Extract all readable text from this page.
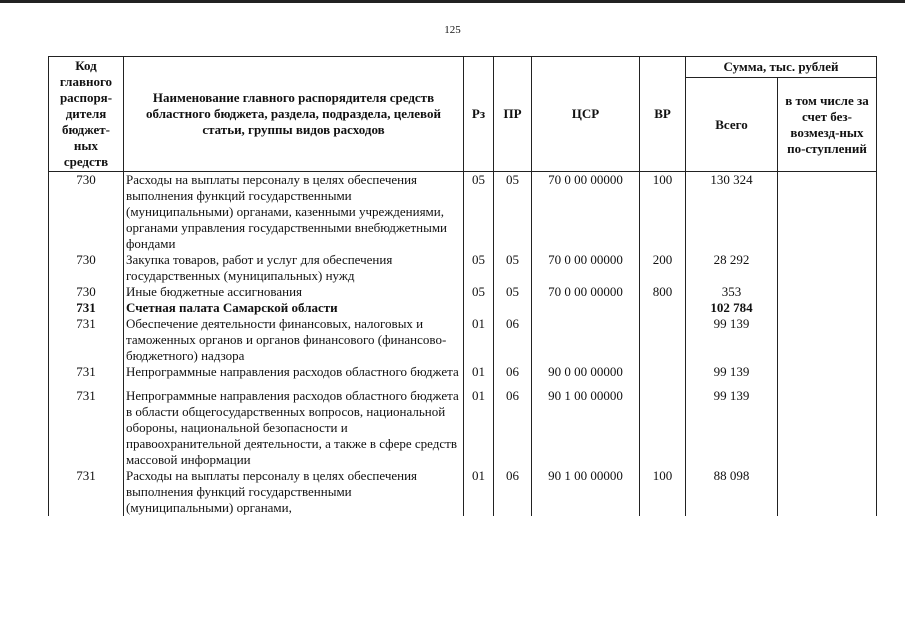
125
Код главного распоря-дителя бюджет-ных средств	Наименование главного распорядителя средств областного бюджета, раздела, подраздела, целевой статьи, группы видов расходов	Рз	ПР	ЦСР	ВР	Сумма, тыс. рублей	
						Всего	в том числе за счет без-возмезд-ных по-ступлений
730	Расходы на выплаты персоналу в целях обеспечения выполнения функций государственными (муниципальными) органами, казенными учреждениями, органами управления государственными внебюджетными фондами	05	05	70 0 00 00000	100	130 324	
730	Закупка товаров, работ и услуг для обеспечения государственных (муниципальных) нужд	05	05	70 0 00 00000	200	28 292	
730	Иные бюджетные ассигнования	05	05	70 0 00 00000	800	353	
731	Счетная палата Самарской области					102 784	
731	Обеспечение деятельности финансовых, налоговых и таможенных органов и органов финансового (финансово-бюджетного) надзора	01	06			99 139	
731	Непрограммные направления расходов областного бюджета	01	06	90 0 00 00000		99 139	
731	Непрограммные направления расходов областного бюджета в области общегосударственных вопросов, национальной обороны, национальной безопасности и правоохранительной деятельности, а также в сфере средств массовой информации	01	06	90 1 00 00000		99 139	
731	Расходы на выплаты персоналу в целях обеспечения выполнения функций государственными (муниципальными) органами,	01	06	90 1 00 00000	100	88 098	
